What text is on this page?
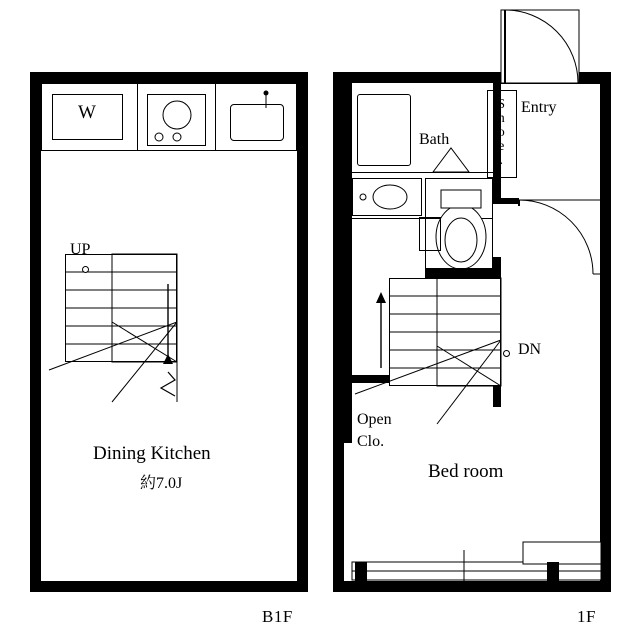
W
UP
Dining Kitchen
約7.0J
Shoe. Entry
Bath
DN
Open
Clo.
Bed room
B1F	1F
